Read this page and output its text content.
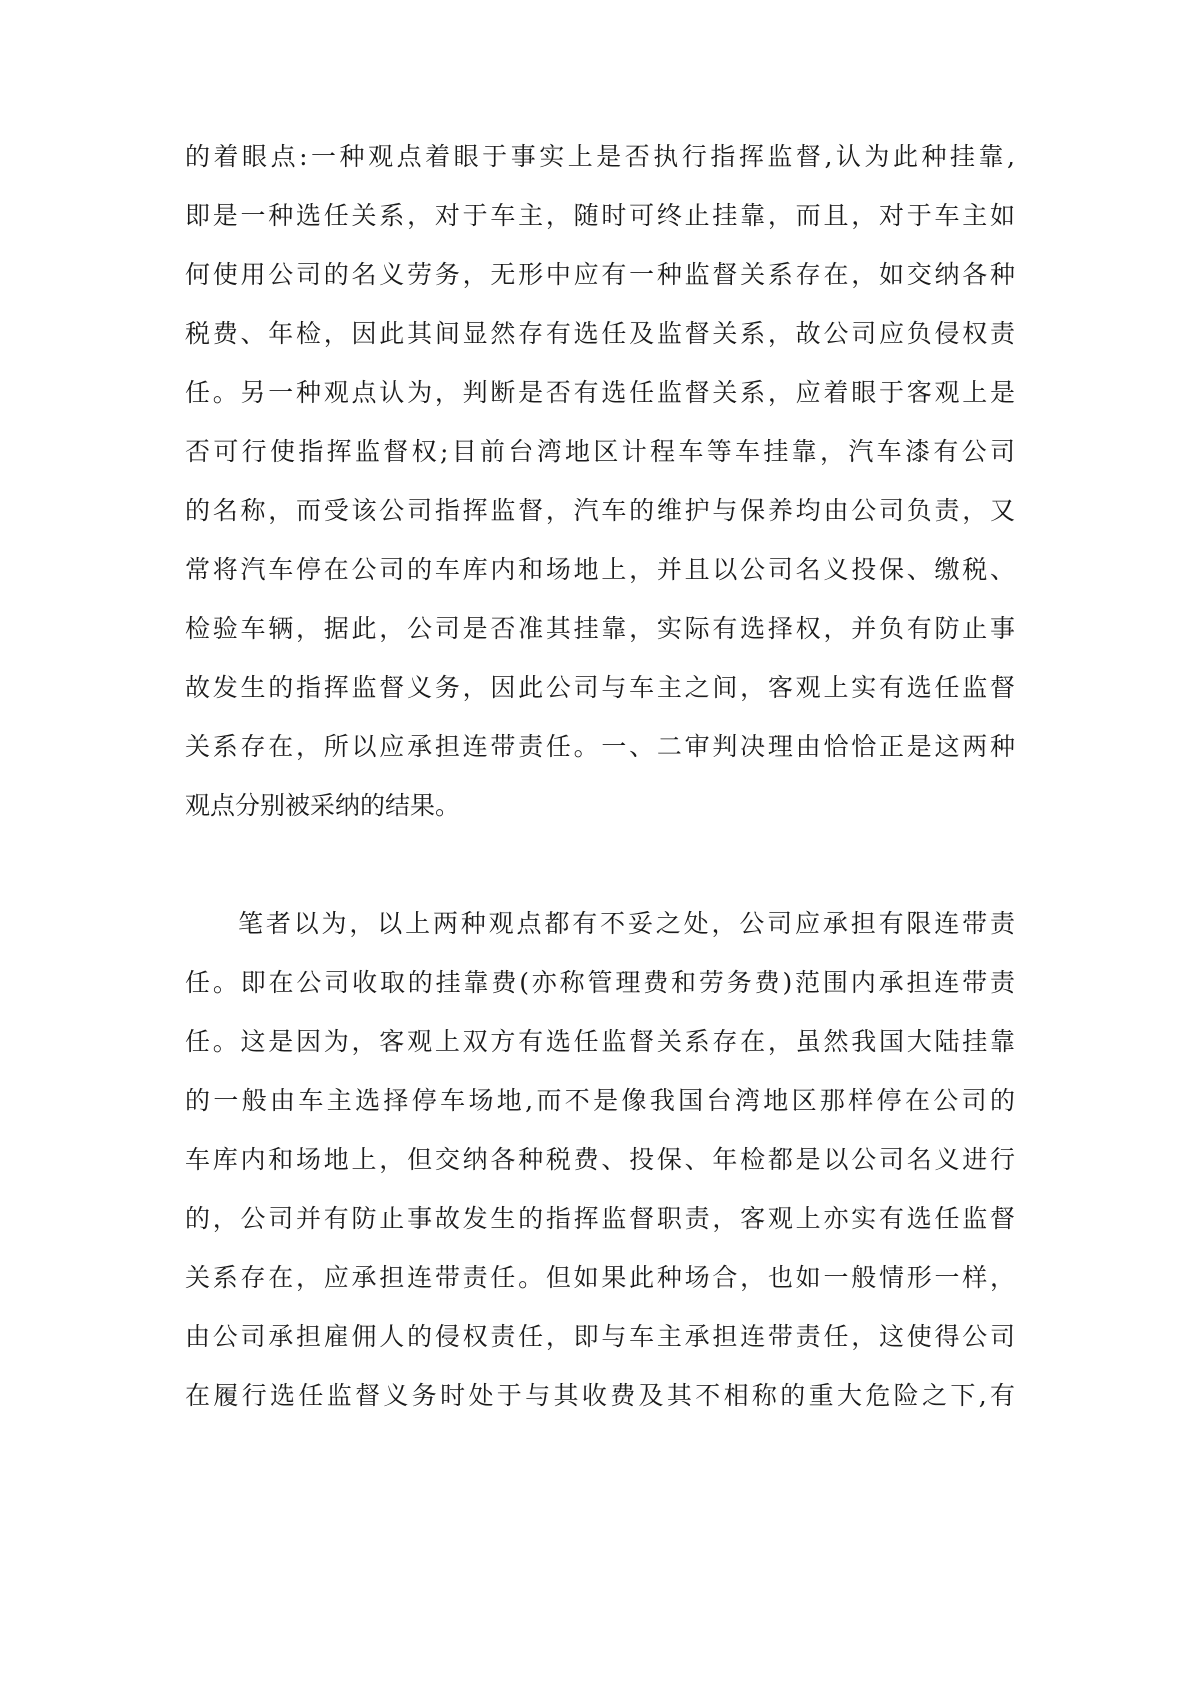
的着眼点:一种观点着眼于事实上是否执行指挥监督,认为此种挂靠,
即是一种选任关系，对于车主，随时可终止挂靠，而且，对于车主如
何使用公司的名义劳务，无形中应有一种监督关系存在，如交纳各种
税费、年检，因此其间显然存有选任及监督关系，故公司应负侵权责
任。另一种观点认为，判断是否有选任监督关系，应着眼于客观上是
否可行使指挥监督权;目前台湾地区计程车等车挂靠，汽车漆有公司
的名称，而受该公司指挥监督，汽车的维护与保养均由公司负责，又
常将汽车停在公司的车库内和场地上，并且以公司名义投保、缴税、
检验车辆，据此，公司是否准其挂靠，实际有选择权，并负有防止事
故发生的指挥监督义务，因此公司与车主之间，客观上实有选任监督
关系存在，所以应承担连带责任。一、二审判决理由恰恰正是这两种
观点分别被采纳的结果。
笔者以为，以上两种观点都有不妥之处，公司应承担有限连带责
任。即在公司收取的挂靠费(亦称管理费和劳务费)范围内承担连带责
任。这是因为，客观上双方有选任监督关系存在，虽然我国大陆挂靠
的一般由车主选择停车场地,而不是像我国台湾地区那样停在公司的
车库内和场地上，但交纳各种税费、投保、年检都是以公司名义进行
的，公司并有防止事故发生的指挥监督职责，客观上亦实有选任监督
关系存在，应承担连带责任。但如果此种场合，也如一般情形一样，
由公司承担雇佣人的侵权责任，即与车主承担连带责任，这使得公司
在履行选任监督义务时处于与其收费及其不相称的重大危险之下,有
